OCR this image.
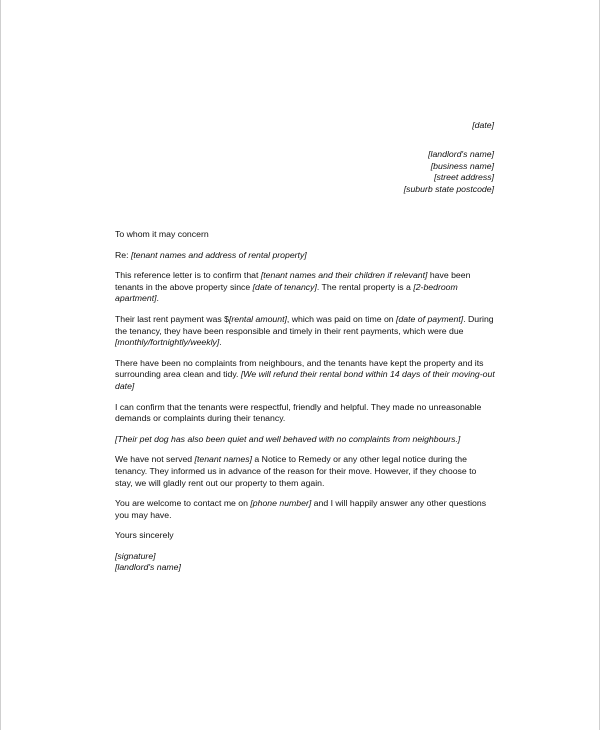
[date]
[landlord's name]
[business name]
[street address]
[suburb state postcode]

To whom it may concern

Re: [tenant names and address of rental property]

This reference letter is to confirm that [tenant names and their children if relevant] have been
tenants in the above property since [date of tenancy]. The rental property is a [2-bedroom
apartment].

Their last rent payment was $[rental amount], which was paid on time on [date of payment]. During
the tenancy, they have been responsible and timely in their rent payments, which were due
[monthly/fortnightly/weekly].

There have been no complaints from neighbours, and the tenants have kept the property and its
surrounding area clean and tidy. [We will refund their rental bond within 14 days of their moving-out
date]

I can confirm that the tenants were respectful, friendly and helpful. They made no unreasonable
demands or complaints during their tenancy.

[Their pet dog has also been quiet and well behaved with no complaints from neighbours.]

We have not served [tenant names] a Notice to Remedy or any other legal notice during the
tenancy. They informed us in advance of the reason for their move. However, if they choose to
stay, we will gladly rent out our property to them again.

You are welcome to contact me on [phone number] and I will happily answer any other questions
you may have.

Yours sincerely

[signature]
[landlord's name]
